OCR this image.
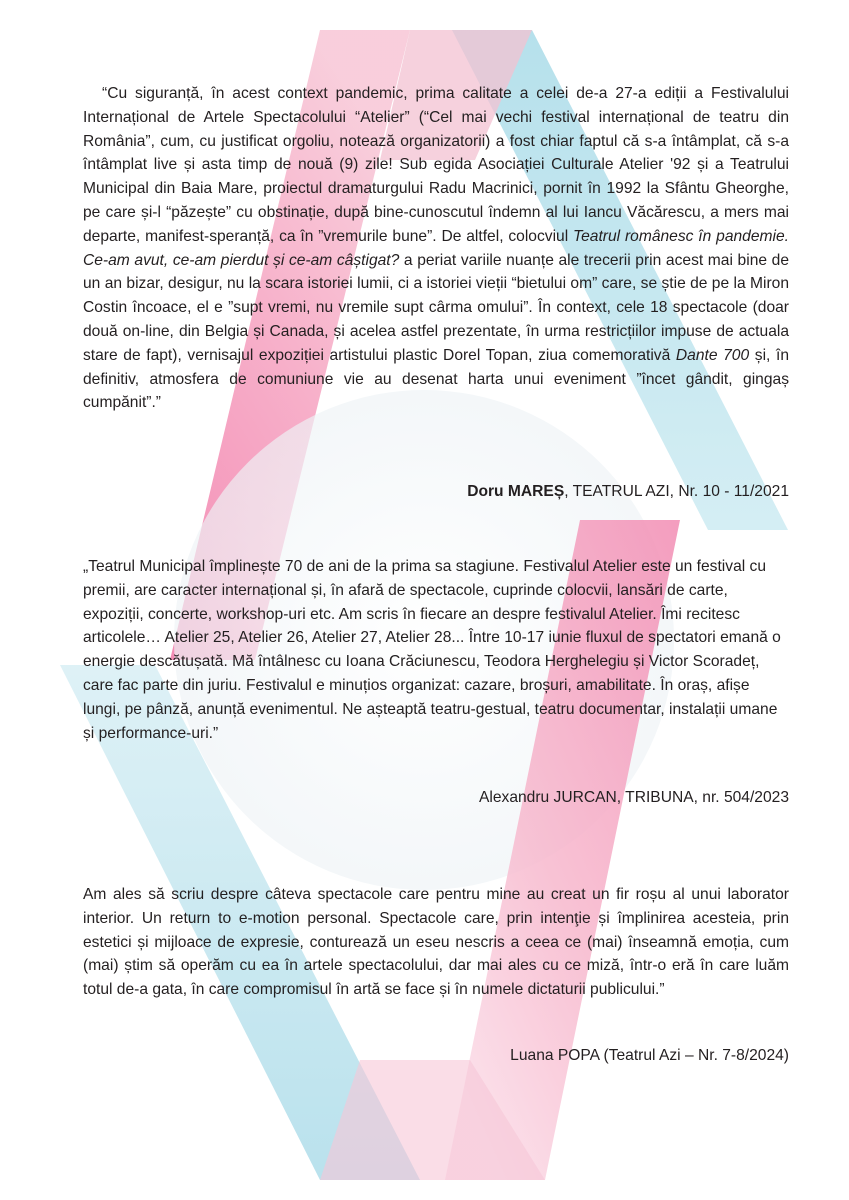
“Cu siguranță, în acest context pandemic, prima calitate a celei de-a 27-a ediții a Festivalului Internațional de Artele Spectacolului “Atelier” (“Cel mai vechi festival internațional de teatru din România”, cum, cu justificat orgoliu, notează organizatorii) a fost chiar faptul că s-a întâmplat, că s-a întâmplat live și asta timp de nouă (9) zile! Sub egida Asociației Culturale Atelier '92 și a Teatrului Municipal din Baia Mare, proiectul dramaturgului Radu Macrinici, pornit în 1992 la Sfântu Gheorghe, pe care și-l “păzește” cu obstinație, după bine-cunoscutul îndemn al lui Iancu Văcărescu, a mers mai departe, manifest-speranță, ca în ”vremurile bune”. De altfel, colocviul Teatrul românesc în pandemie. Ce-am avut, ce-am pierdut și ce-am câștigat? a periat variile nuanțe ale trecerii prin acest mai bine de un an bizar, desigur, nu la scara istoriei lumii, ci a istoriei vieții “bietului om” care, se știe de pe la Miron Costin încoace, el e ”supt vremi, nu vremile supt cârma omului”. În context, cele 18 spectacole (doar două on-line, din Belgia și Canada, și acelea astfel prezentate, în urma restricțiilor impuse de actuala stare de fapt), vernisajul expoziției artistului plastic Dorel Topan, ziua comemorativă Dante 700 și, în definitiv, atmosfera de comuniune vie au desenat harta unui eveniment ”încet gândit, gingaș cumpănit”.”

Doru MAREȘ, TEATRUL AZI, Nr. 10 - 11/2021

„Teatrul Municipal împlinește 70 de ani de la prima sa stagiune. Festivalul Atelier este un festival cu premii, are caracter internațional și, în afară de spectacole, cuprinde colocvii, lansări de carte, expoziții, concerte, workshop-uri etc. Am scris în fiecare an despre festivalul Atelier. Îmi recitesc articolele… Atelier 25, Atelier 26, Atelier 27, Atelier 28... Între 10-17 iunie fluxul de spectatori emană o energie descătușată. Mă întâlnesc cu Ioana Crăciunescu, Teodora Herghelegiu și Victor Scoradeț, care fac parte din juriu. Festivalul e minuțios organizat: cazare, broșuri, amabilitate. În oraș, afișe lungi, pe pânză, anunță evenimentul. Ne așteaptă teatru-gestual, teatru documentar, instalații umane și performance-uri.”

Alexandru JURCAN, TRIBUNA, nr. 504/2023

Am ales să scriu despre câteva spectacole care pentru mine au creat un fir roșu al unui laborator interior. Un return to e-motion personal. Spectacole care, prin intenţie și împlinirea acesteia, prin estetici și mijloace de expresie, conturează un eseu nescris a ceea ce (mai) înseamnă emoția, cum (mai) știm să operăm cu ea în artele spectacolului, dar mai ales cu ce miză, într-o eră în care luăm totul de-a gata, în care compromisul în artă se face și în numele dictaturii publicului.”

Luana POPA (Teatrul Azi – Nr. 7-8/2024)
